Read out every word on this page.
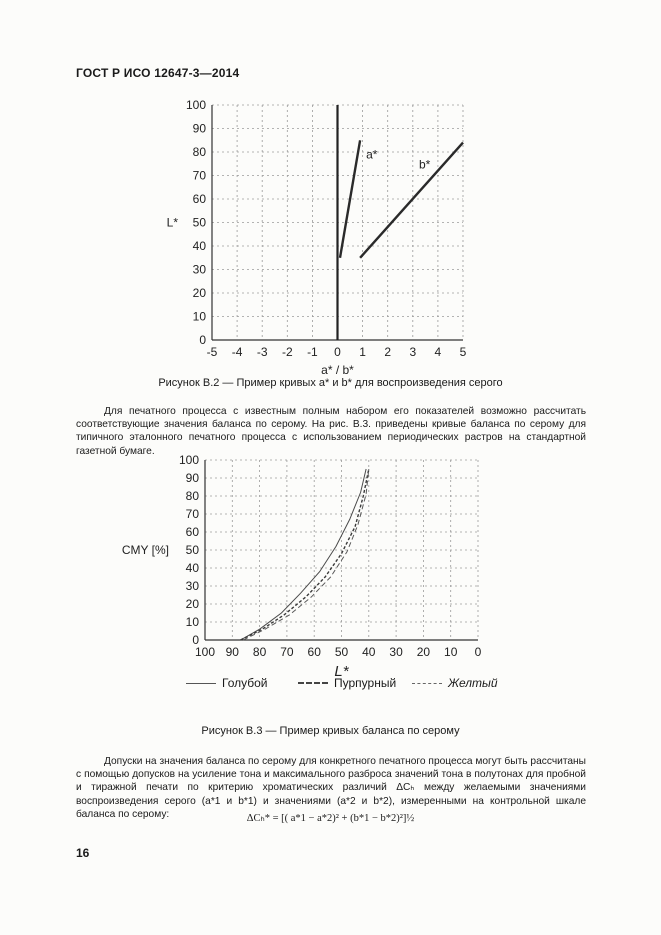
ГОСТ Р ИСО 12647-3—2014
-5 -4 -3 -2 -1 0 1 2 3 4 5
0
10
20
30
40
50
60
70
80
90
100
a* / b*
L*
a*
b*
Рисунок В.2 — Пример кривых a* и b* для воспроизведения серого

Для печатного процесса с известным полным набором его показателей возможно рассчитать соответствующие значения баланса по серому. На рис. В.3. приведены кривые баланса по серому для типичного эталонного печатного процесса с использованием периодических растров на стандартной газетной бумаге.

100 90 80 70 60 50 40 30 20 10 0
0
10
20
30
40
50
60
70
80
90
100
L*
CMY [%]
Голубой	Пурпурный	Желтый
Рисунок В.3 — Пример кривых баланса по серому

Допуски на значения баланса по серому для конкретного печатного процесса могут быть рассчитаны с помощью допусков на усиление тона и максимального разброса значений тона в полутонах для пробной и тиражной печати по критерию хроматических различий ΔCₕ между желаемыми значениями воспроизведения серого (a*1 и b*1) и значениями (a*2 и b*2), измеренными на контрольной шкале баланса по серому:	ΔCₕ* = [( a*1 − a*2)² + (b*1 − b*2)²]½
16
